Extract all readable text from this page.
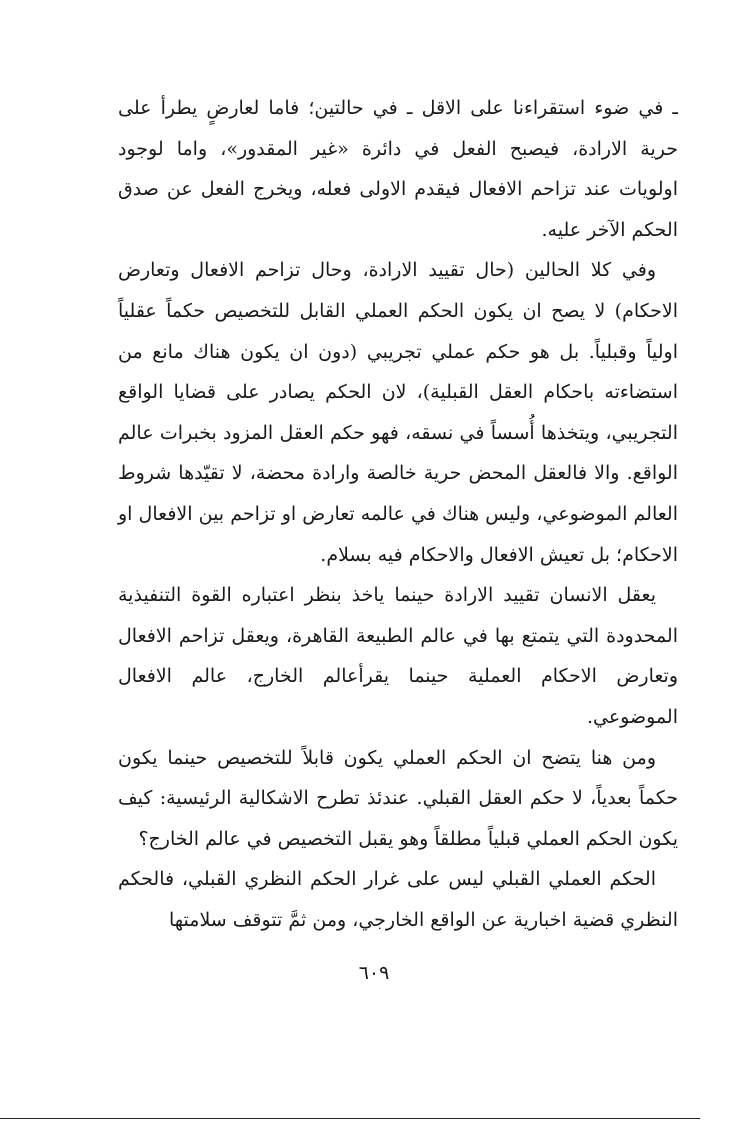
ـ في ضوء استقراءنا على الاقل ـ في حالتين؛ فاما لعارضٍ يطرأ على حرية الارادة، فيصبح الفعل في دائرة «غير المقدور»، واما لوجود اولويات عند تزاحم الافعال فيقدم الاولى فعله، ويخرج الفعل عن صدق الحكم الآخر عليه.

وفي كلا الحالين (حال تقييد الارادة، وحال تزاحم الافعال وتعارض الاحكام) لا يصح ان يكون الحكم العملي القابل للتخصيص حكماً عقلياً اولياً وقبلياً. بل هو حكم عملي تجريبي (دون ان يكون هناك مانع من استضاءته باحكام العقل القبلية)، لان الحكم يصادر على قضايا الواقع التجريبي، ويتخذها أُسساً في نسقه، فهو حكم العقل المزود بخبرات عالم الواقع. والا فالعقل المحض حرية خالصة وارادة محضة، لا تقيّدها شروط العالم الموضوعي، وليس هناك في عالمه تعارض او تزاحم بين الافعال او الاحكام؛ بل تعيش الافعال والاحكام فيه بسلام.

يعقل الانسان تقييد الارادة حينما ياخذ بنظر اعتباره القوة التنفيذية المحدودة التي يتمتع بها في عالم الطبيعة القاهرة، ويعقل تزاحم الافعال وتعارض الاحكام العملية حينما يقرأعالم الخارج، عالم الافعال الموضوعي.

ومن هنا يتضح ان الحكم العملي يكون قابلاً للتخصيص حينما يكون حكماً بعدياً، لا حكم العقل القبلي. عندئذ تطرح الاشكالية الرئيسية: كيف يكون الحكم العملي قبلياً مطلقاً وهو يقبل التخصيص في عالم الخارج؟

الحكم العملي القبلي ليس على غرار الحكم النظري القبلي، فالحكم النظري قضية اخبارية عن الواقع الخارجي، ومن ثمَّ تتوقف سلامتها

٦٠٩
